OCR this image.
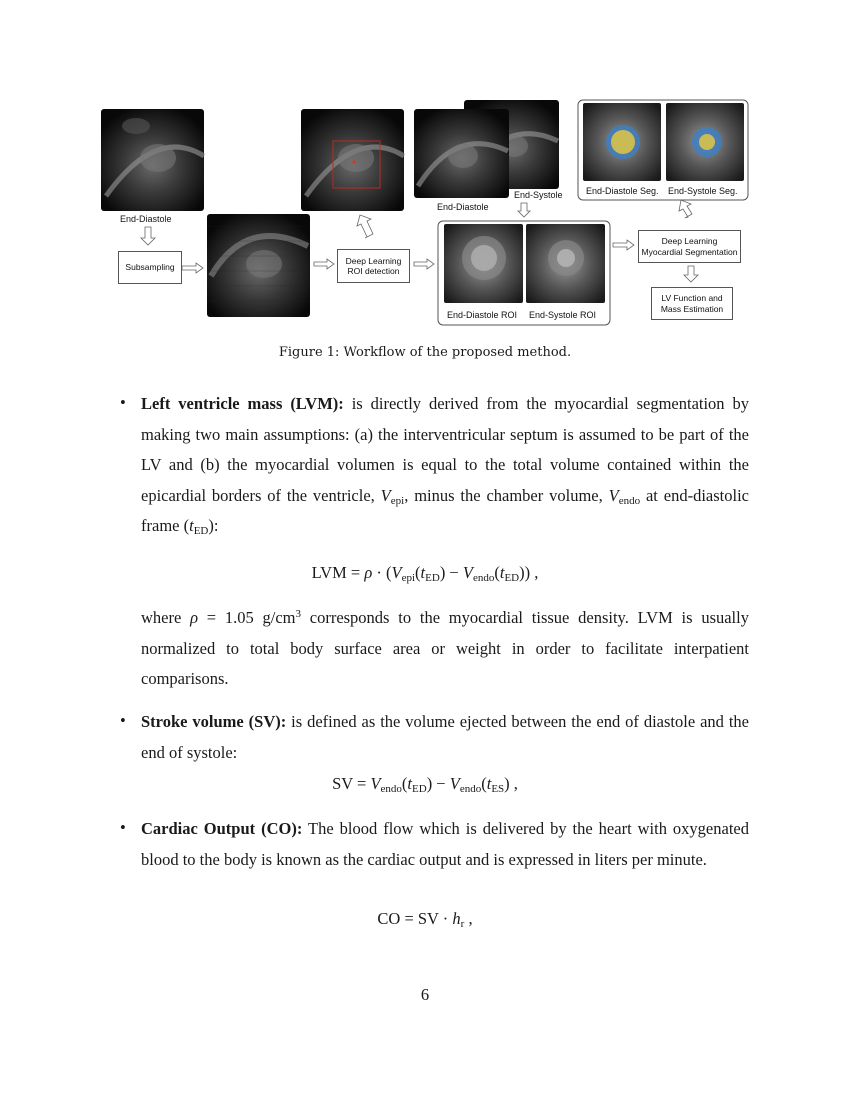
End-Diastole
Subsampling
Deep Learning
ROI detection
End-Diastole
End-Systole
End-Diastole ROI End-Systole ROI
Deep Learning
Myocardial Segmentation
End-Diastole Seg. End-Systole Seg.
LV Function and
Mass Estimation
Figure 1: Workflow of the proposed method.
• Left ventricle mass (LVM): is directly derived from the myocardial segmentation by making two main assumptions: (a) the interventricular septum is assumed to be part of the LV and (b) the myocardial volumen is equal to the total volume contained within the epicardial borders of the ventricle, $V_{epi}$, minus the chamber volume, $V_{endo}$ at end-diastolic frame $(t_{ED})$:
LVM = $\rho \cdot (V_{epi}(t_{ED}) - V_{endo}(t_{ED}))$ ,
where ρ = 1.05 $g/cm^3$ corresponds to the myocardial tissue density. LVM is usually normalized to total body surface area or weight in order to facilitate interpatient comparisons.
• Stroke volume (SV): is defined as the volume ejected between the end of diastole and the end of systole:
SV = $V_{endo}(t_{ED}) - V_{endo}(t_{ES})$ ,
• Cardiac Output (CO): The blood flow which is delivered by the heart with oxygenated blood to the body is known as the cardiac output and is expressed in liters per minute.
CO = SV · $h_r$ ,
6
